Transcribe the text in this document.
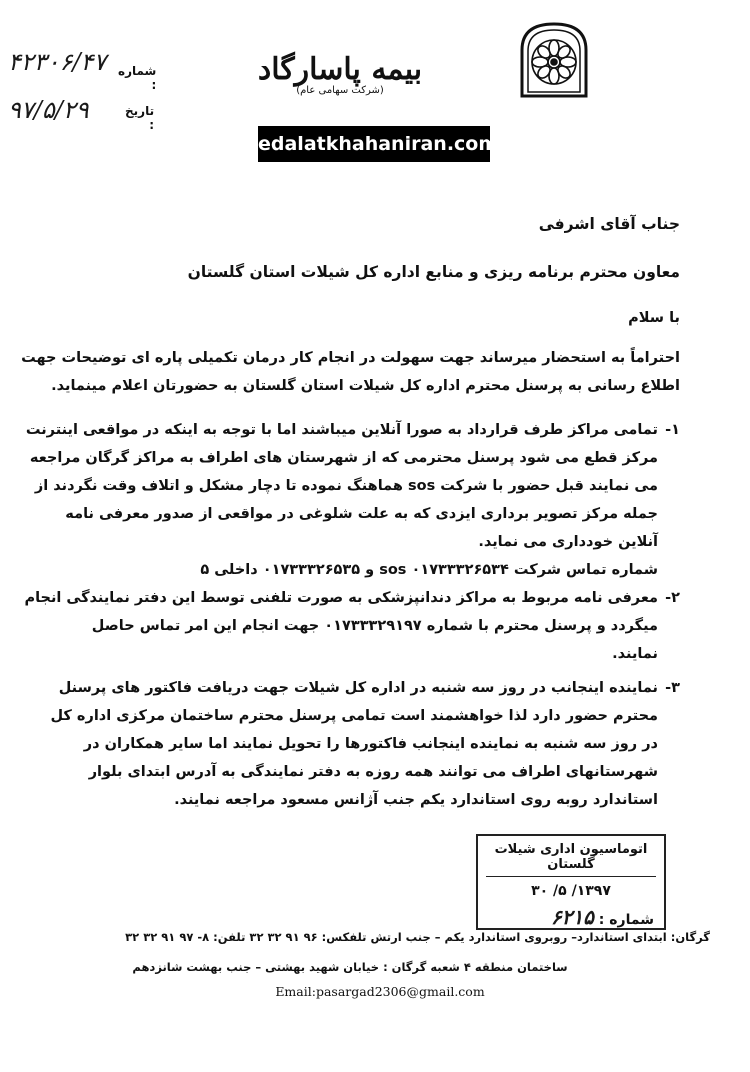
۴۲۳۰۶/۴۷ شماره :
۹۷/۵/۲۹	تاریخ :
بیمه پاسارگاد
(شرکت سهامی عام)
edalatkhahaniran.com
جناب آقای اشرفی
معاون محترم برنامه ریزی و منابع اداره کل شیلات استان گلستان
با سلام
احتراماً به استحضار میرساند جهت سهولت در انجام کار درمان تکمیلی پاره ای توضیحات جهت
اطلاع رسانی به پرسنل محترم اداره کل شیلات استان گلستان به حضورتان اعلام مینماید.
۱-
تمامی مراکز طرف قرارداد به صورا آنلاین میباشند اما با توجه به اینکه در مواقعی اینترنت
مرکز قطع می شود پرسنل محترمی که از شهرستان های اطراف به مراکز گرگان مراجعه
می نمایند قبل حضور با شرکت sos هماهنگ نموده تا دچار مشکل و اتلاف وقت نگردند از
جمله مرکز تصویر برداری ایزدی که به علت شلوغی در مواقعی از صدور معرفی نامه
آنلاین خودداری می نماید.
شماره تماس شرکت sos ۰۱۷۳۳۳۲۶۵۳۴ و ۰۱۷۳۳۳۲۶۵۳۵ داخلی ۵
۲-
معرفی نامه مربوط به مراکز دندانپزشکی به صورت تلفنی توسط این دفتر نمایندگی انجام
میگردد و پرسنل محترم با شماره ۰۱۷۳۳۳۲۹۱۹۷ جهت انجام این امر تماس حاصل
نمایند.
۳-
نماینده اینجانب در روز سه شنبه در اداره کل شیلات جهت دریافت فاکتور های پرسنل
محترم حضور دارد لذا خواهشمند است تمامی پرسنل محترم ساختمان مرکزی اداره کل
در روز سه شنبه به نماینده اینجانب فاکتورها را تحویل نمایند اما سایر همکاران در
شهرستانهای اطراف می توانند همه روزه به دفتر نمایندگی به آدرس ابتدای بلوار
استاندارد روبه روی استاندارد یکم جنب آژانس مسعود مراجعه نمایند.
اتوماسیون اداری شیلات گلستان
۱۳۹۷/ ۵/ ۳۰
شماره : ۶۲۱۵
گرگان: ابتدای استاندارد– روبروی استاندارد یکم – جنب ارتش تلفکس: ۹۶ ۹۱ ۳۲ ۳۲ تلفن: ۸- ۹۷ ۹۱ ۳۲ ۳۲
ساختمان منطقه ۴ شعبه گرگان : خیابان شهید بهشتی – جنب بهشت شانزدهم
Email:pasargad2306@gmail.com
